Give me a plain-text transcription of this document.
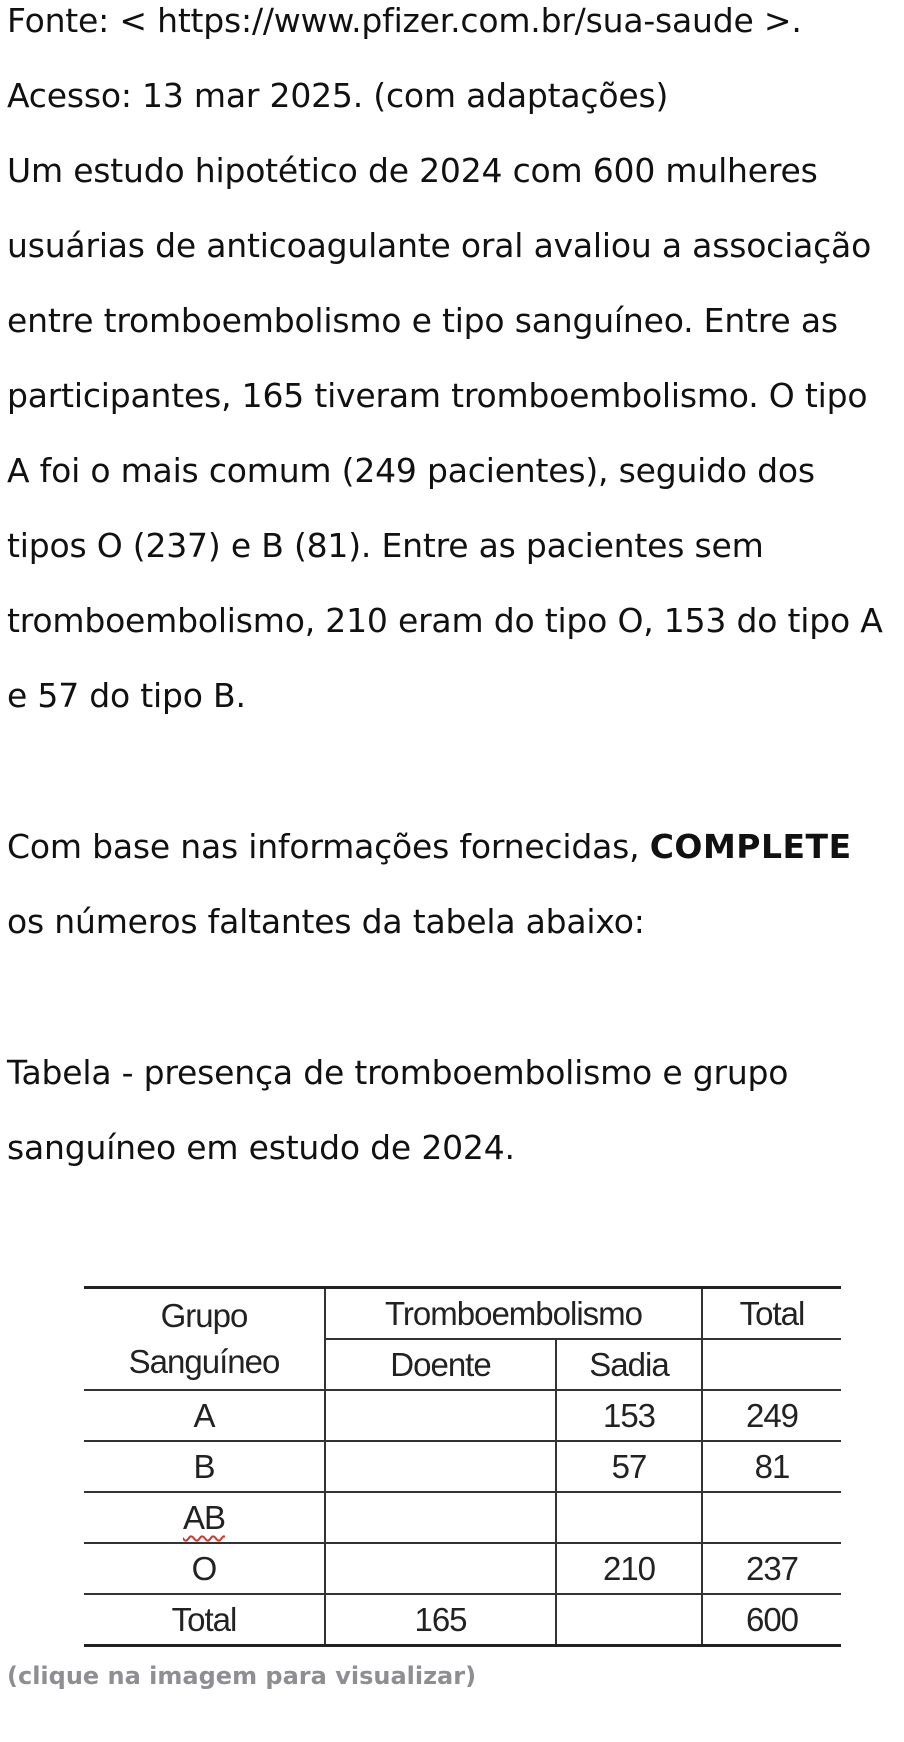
Fonte: < https://www.pfizer.com.br/sua-saude >.
Acesso: 13 mar 2025. (com adaptações)
Um estudo hipotético de 2024 com 600 mulheres
usuárias de anticoagulante oral avaliou a associação
entre tromboembolismo e tipo sanguíneo. Entre as
participantes, 165 tiveram tromboembolismo. O tipo
A foi o mais comum (249 pacientes), seguido dos
tipos O (237) e B (81). Entre as pacientes sem
tromboembolismo, 210 eram do tipo O, 153 do tipo A
e 57 do tipo B.
Com base nas informações fornecidas, COMPLETE
os números faltantes da tabela abaixo:
Tabela - presença de tromboembolismo e grupo
sanguíneo em estudo de 2024.
Grupo
Sanguíneo	Tromboembolismo		Total
	Doente	Sadia	
A		153	249
B		57	81
AB			
O		210	237
Total	165		600
(clique na imagem para visualizar)
